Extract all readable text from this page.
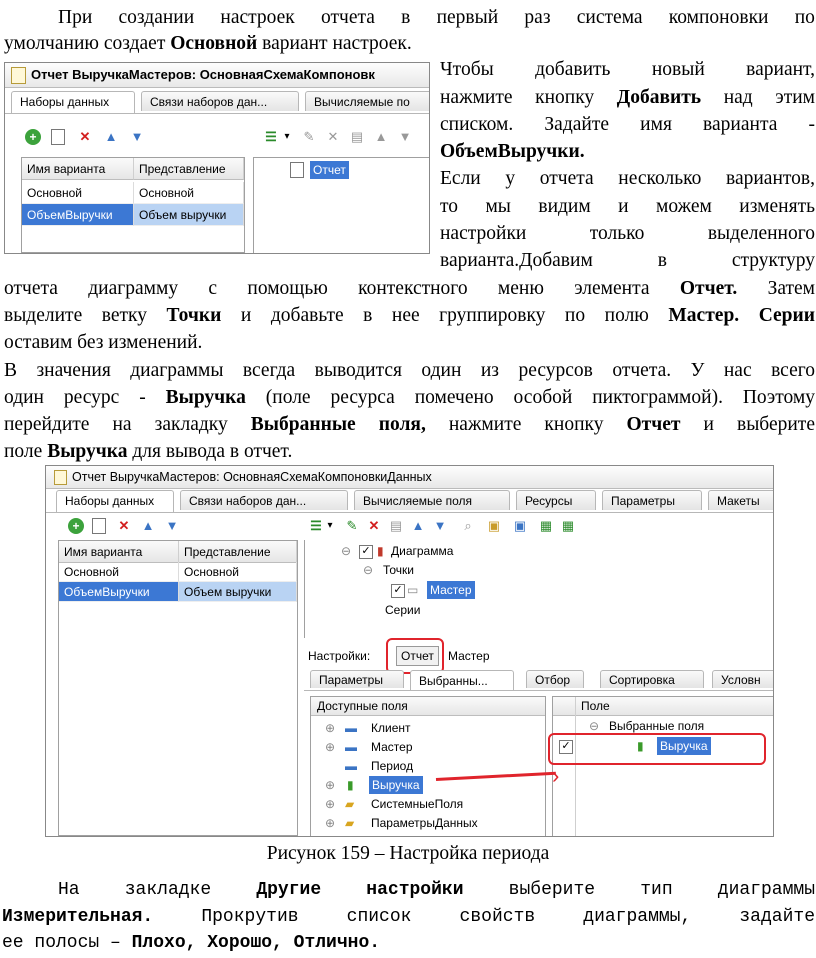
При создании настроек отчета в первый раз система компоновки по
умолчанию создает Основной вариант настроек.
Отчет ВыручкаМастеров: ОсновнаяСхемаКомпоновк
Наборы данных	Связи наборов дан...	Вычисляемые по
+	✕ ▲ ▼
Имя варианта	Представление
Основной	Основной
ОбъемВыручки	Объем выручки
☰ ▾	✎ ✕ ▤ ▲ ▼
Отчет
Чтобы добавить новый вариант,
нажмите кнопку Добавить над этим
списком. Задайте имя варианта -
ОбъемВыручки.
Если у отчета несколько вариантов,
то мы видим и можем изменять
настройки только выделенного
варианта.Добавим в структуру
отчета диаграмму с помощью контекстного меню элемента Отчет. Затем
выделите ветку Точки и добавьте в нее группировку по полю Мастер. Серии
оставим без изменений.
В значения диаграммы всегда выводится один из ресурсов отчета. У нас всего
один ресурс - Выручка (поле ресурса помечено особой пиктограммой). Поэтому
перейдите на закладку Выбранные поля, нажмите кнопку Отчет и выберите
поле Выручка для вывода в отчет.
Отчет ВыручкаМастеров: ОсновнаяСхемаКомпоновкиДанных
Наборы данных	Связи наборов дан...	Вычисляемые поля	Ресурсы	Параметры	Макеты
+	✕ ▲ ▼
Имя варианта	Представление
Основной	Основной
ОбъемВыручки	Объем выручки
☰ ▾	✎ ✕ ▤ ▲ ▼	⌕	▣ ▣ ▦ ▦
⊖ ✓ ▮ Диаграмма
⊖ Точки
✓ ▭ Мастер
Серии
Настройки:	Отчет	Мастер
Параметры	Выбранны...	Отбор	Сортировка	Условн
Доступные поля
⊕ ▬ Клиент
⊕ ▬ Мастер
▬ Период
⊕ ▮ Выручка
⊕ ▰ СистемныеПоля
⊕ ▰ ПараметрыДанных
Поле
⊖ Выбранные поля
✓	▮ Выручка
›
Рисунок 159 – Настройка периода
На закладке Другие настройки выберите тип диаграммы
Измерительная. Прокрутив список свойств диаграммы, задайте
ее полосы – Плохо, Хорошо, Отлично.
